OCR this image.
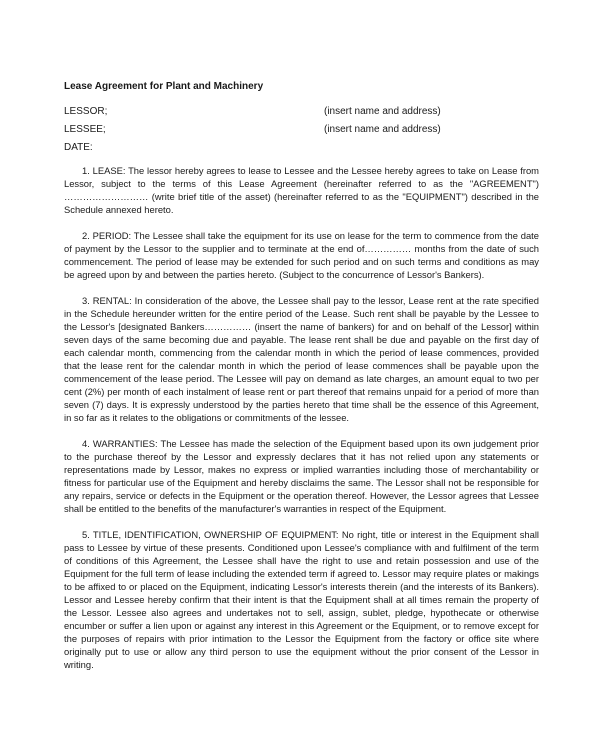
Lease Agreement for Plant and Machinery
LESSOR;	(insert name and address)
LESSEE;	(insert name and address)
DATE:

1. LEASE: The lessor hereby agrees to lease to Lessee and the Lessee hereby agrees to take on Lease from Lessor, subject to the terms of this Lease Agreement (hereinafter referred to as the "AGREEMENT") ……………………… (write brief title of the asset) (hereinafter referred to as the "EQUIPMENT") described in the Schedule annexed hereto.

2. PERIOD: The Lessee shall take the equipment for its use on lease for the term to commence from the date of payment by the Lessor to the supplier and to terminate at the end of…………… months from the date of such commencement. The period of lease may be extended for such period and on such terms and conditions as may be agreed upon by and between the parties hereto. (Subject to the concurrence of Lessor's Bankers).

3. RENTAL: In consideration of the above, the Lessee shall pay to the lessor, Lease rent at the rate specified in the Schedule hereunder written for the entire period of the Lease. Such rent shall be payable by the Lessee to the Lessor's [designated Bankers…………… (insert the name of bankers) for and on behalf of the Lessor] within seven days of the same becoming due and payable. The lease rent shall be due and payable on the first day of each calendar month, commencing from the calendar month in which the period of lease commences, provided that the lease rent for the calendar month in which the period of lease commences shall be payable upon the commencement of the lease period. The Lessee will pay on demand as late charges, an amount equal to two per cent (2%) per month of each instalment of lease rent or part thereof that remains unpaid for a period of more than seven (7) days. It is expressly understood by the parties hereto that time shall be the essence of this Agreement, in so far as it relates to the obligations or commitments of the lessee.

4. WARRANTIES: The Lessee has made the selection of the Equipment based upon its own judgement prior to the purchase thereof by the Lessor and expressly declares that it has not relied upon any statements or representations made by Lessor, makes no express or implied warranties including those of merchantability or fitness for particular use of the Equipment and hereby disclaims the same. The Lessor shall not be responsible for any repairs, service or defects in the Equipment or the operation thereof. However, the Lessor agrees that Lessee shall be entitled to the benefits of the manufacturer's warranties in respect of the Equipment.

5. TITLE, IDENTIFICATION, OWNERSHIP OF EQUIPMENT: No right, title or interest in the Equipment shall pass to Lessee by virtue of these presents. Conditioned upon Lessee's compliance with and fulfilment of the term of conditions of this Agreement, the Lessee shall have the right to use and retain possession and use of the Equipment for the full term of lease including the extended term if agreed to. Lessor may require plates or makings to be affixed to or placed on the Equipment, indicating Lessor's interests therein (and the interests of its Bankers). Lessor and Lessee hereby confirm that their intent is that the Equipment shall at all times remain the property of the Lessor. Lessee also agrees and undertakes not to sell, assign, sublet, pledge, hypothecate or otherwise encumber or suffer a lien upon or against any interest in this Agreement or the Equipment, or to remove except for the purposes of repairs with prior intimation to the Lessor the Equipment from the factory or office site where originally put to use or allow any third person to use the equipment without the prior consent of the Lessor in writing.
